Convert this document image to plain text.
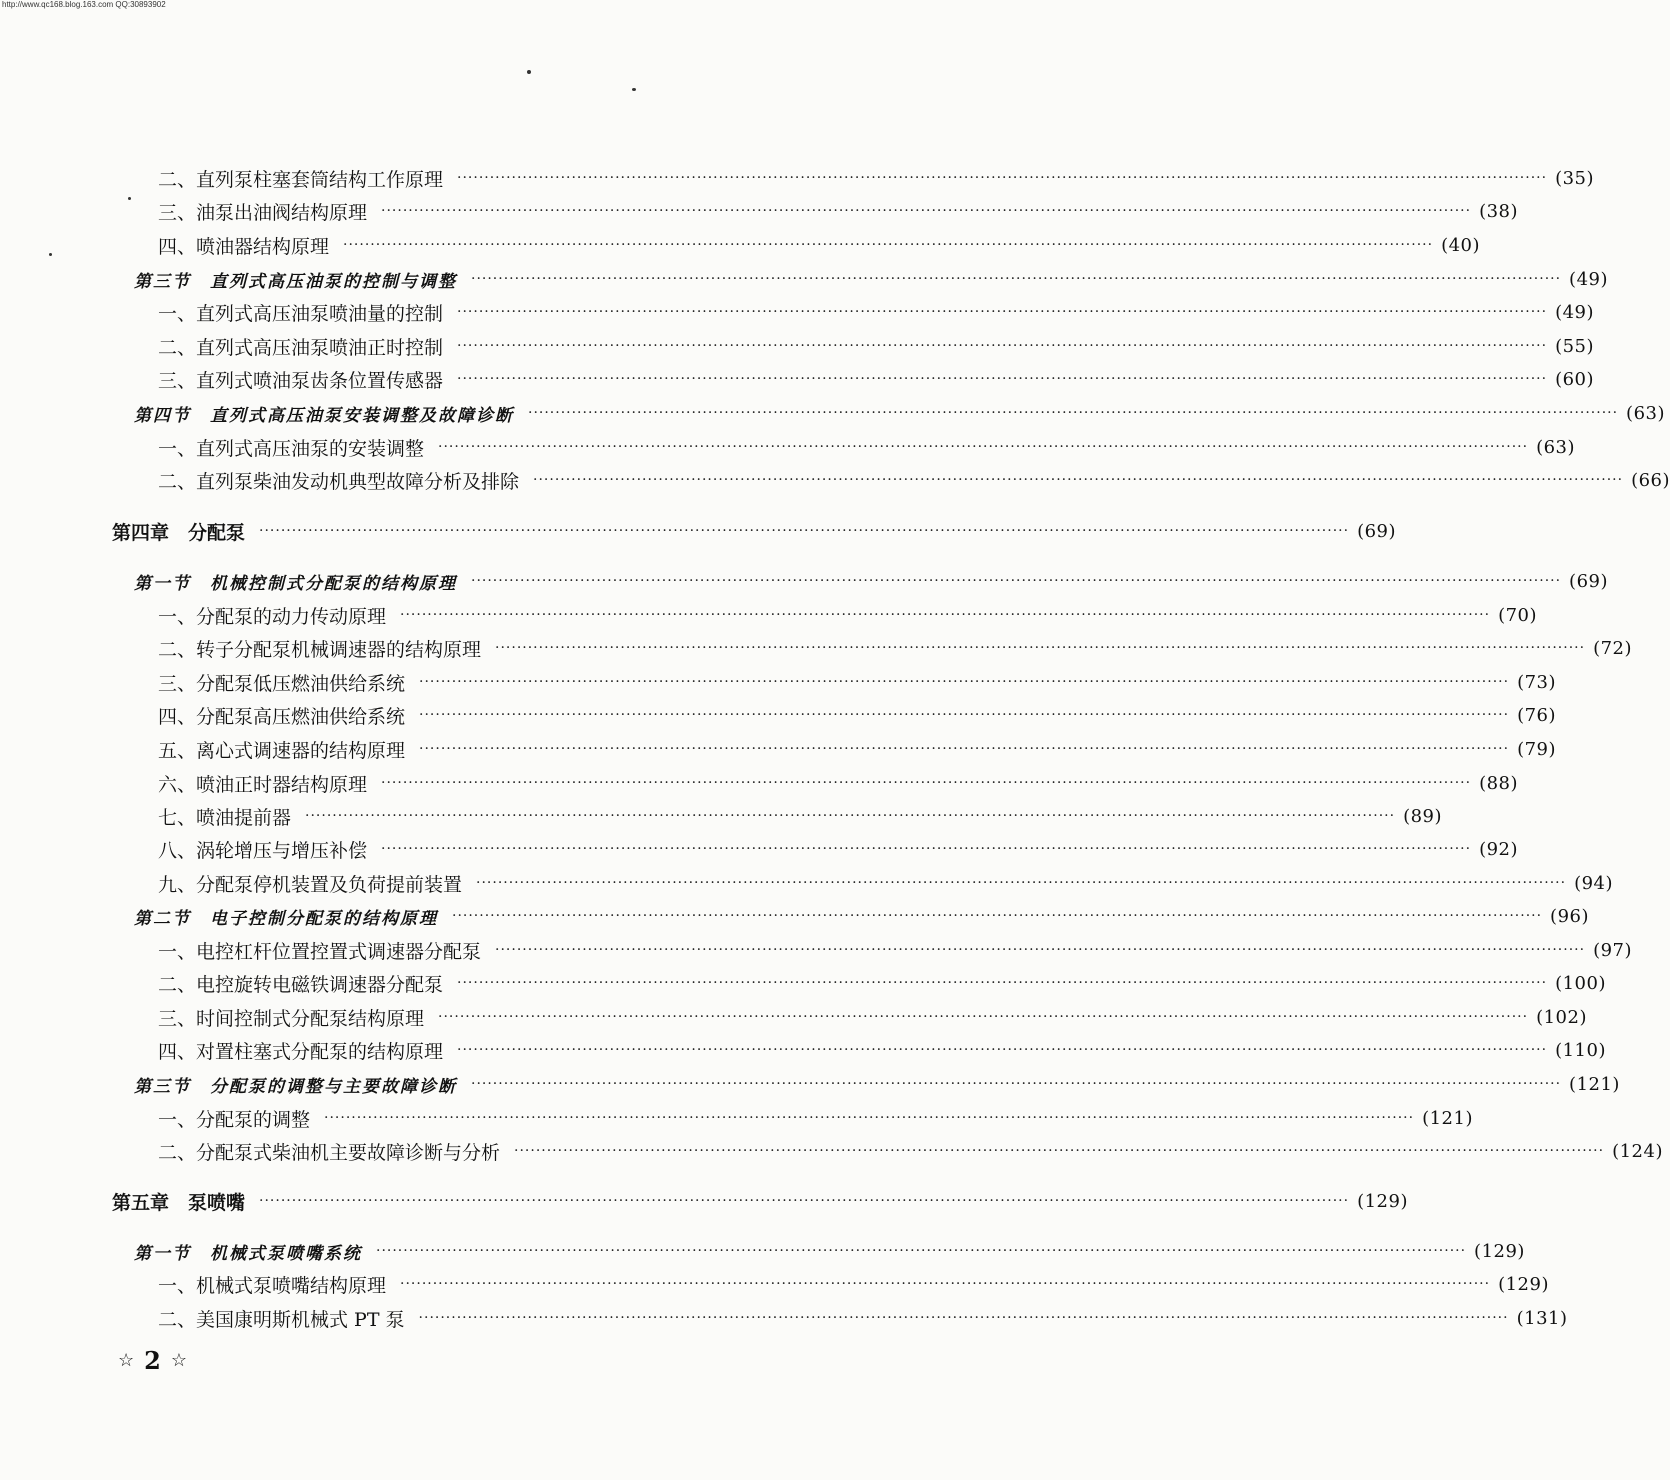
http://www.qc168.blog.163.com QQ:30893902
二、直列泵柱塞套筒结构工作原理 ········································································································································································································ (35)
三、油泵出油阀结构原理 ········································································································································································································ (38)
四、喷油器结构原理 ········································································································································································································ (40)
第三节　直列式高压油泵的控制与调整 ········································································································································································································ (49)
一、直列式高压油泵喷油量的控制 ········································································································································································································ (49)
二、直列式高压油泵喷油正时控制 ········································································································································································································ (55)
三、直列式喷油泵齿条位置传感器 ········································································································································································································ (60)
第四节　直列式高压油泵安装调整及故障诊断 ········································································································································································································ (63)
一、直列式高压油泵的安装调整 ········································································································································································································ (63)
二、直列泵柴油发动机典型故障分析及排除 ········································································································································································································ (66)
第四章　分配泵 ········································································································································································································ (69)
第一节　机械控制式分配泵的结构原理 ········································································································································································································ (69)
一、分配泵的动力传动原理 ········································································································································································································ (70)
二、转子分配泵机械调速器的结构原理 ········································································································································································································ (72)
三、分配泵低压燃油供给系统 ········································································································································································································ (73)
四、分配泵高压燃油供给系统 ········································································································································································································ (76)
五、离心式调速器的结构原理 ········································································································································································································ (79)
六、喷油正时器结构原理 ········································································································································································································ (88)
七、喷油提前器 ········································································································································································································ (89)
八、涡轮增压与增压补偿 ········································································································································································································ (92)
九、分配泵停机装置及负荷提前装置 ········································································································································································································ (94)
第二节　电子控制分配泵的结构原理 ········································································································································································································ (96)
一、电控杠杆位置控置式调速器分配泵 ········································································································································································································ (97)
二、电控旋转电磁铁调速器分配泵 ········································································································································································································ (100)
三、时间控制式分配泵结构原理 ········································································································································································································ (102)
四、对置柱塞式分配泵的结构原理 ········································································································································································································ (110)
第三节　分配泵的调整与主要故障诊断 ········································································································································································································ (121)
一、分配泵的调整 ········································································································································································································ (121)
二、分配泵式柴油机主要故障诊断与分析 ········································································································································································································ (124)
第五章　泵喷嘴 ········································································································································································································ (129)
第一节　机械式泵喷嘴系统 ········································································································································································································ (129)
一、机械式泵喷嘴结构原理 ········································································································································································································ (129)
二、美国康明斯机械式 PT 泵 ········································································································································································································ (131)
☆ 2 ☆
